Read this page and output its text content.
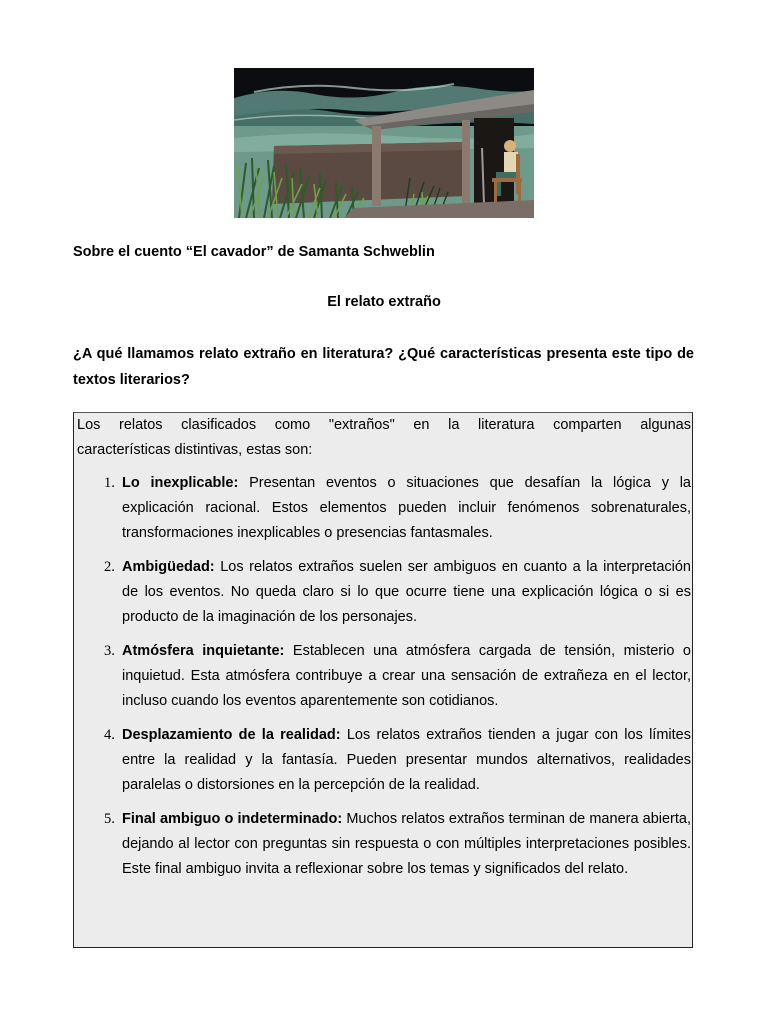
Sobre el cuento “El cavador” de Samanta Schweblin
El relato extraño
¿A qué llamamos relato extraño en literatura? ¿Qué características presenta este tipo de textos literarios?
Los relatos clasificados como "extraños" en la literatura comparten algunas
características distintivas, estas son:
1. Lo inexplicable: Presentan eventos o situaciones que desafían la lógica y la explicación racional. Estos elementos pueden incluir fenómenos sobrenaturales, transformaciones inexplicables o presencias fantasmales.
2. Ambigüedad: Los relatos extraños suelen ser ambiguos en cuanto a la interpretación de los eventos. No queda claro si lo que ocurre tiene una explicación lógica o si es producto de la imaginación de los personajes.
3. Atmósfera inquietante: Establecen una atmósfera cargada de tensión, misterio o inquietud. Esta atmósfera contribuye a crear una sensación de extrañeza en el lector, incluso cuando los eventos aparentemente son cotidianos.
4. Desplazamiento de la realidad: Los relatos extraños tienden a jugar con los límites entre la realidad y la fantasía. Pueden presentar mundos alternativos, realidades paralelas o distorsiones en la percepción de la realidad.
5. Final ambiguo o indeterminado: Muchos relatos extraños terminan de manera abierta, dejando al lector con preguntas sin respuesta o con múltiples interpretaciones posibles. Este final ambiguo invita a reflexionar sobre los temas y significados del relato.
